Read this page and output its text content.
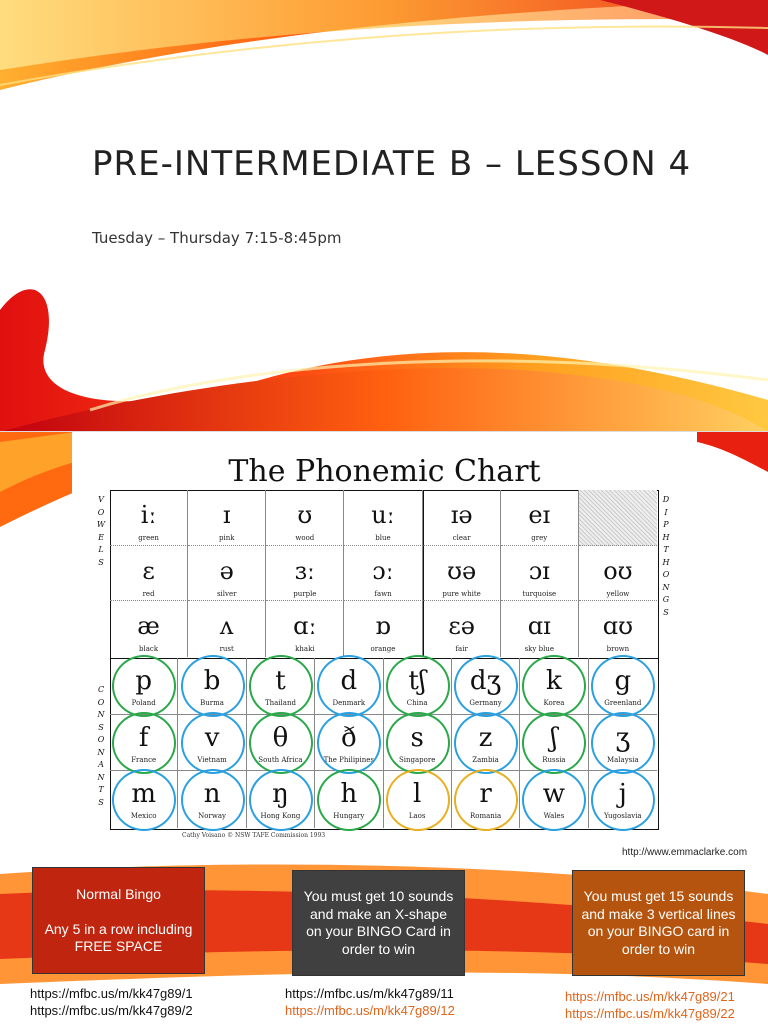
PRE-INTERMEDIATE B – LESSON 4
Tuesday – Thursday 7:15-8:45pm
The Phonemic Chart
iː
green
ɪ
pink
ʊ
wood
uː
blue
ɪə
clear
eɪ
grey
ɛ
red
ə
silver
ɜː
purple
ɔː
fawn
ʊə
pure white
ɔɪ
turquoise
oʊ
yellow
æ
black
ʌ
rust
ɑː
khaki
ɒ
orange
ɛə
fair
ɑɪ
sky blue
ɑʊ
brown
p
Poland
b
Burma
t
Thailand
d
Denmark
tʃ
China
dʒ
Germany
k
Korea
g
Greenland
f
France
v
Vietnam
θ
South Africa
ð
The Philipines
s
Singapore
z
Zambia
ʃ
Russia
ʒ
Malaysia
m
Mexico
n
Norway
ŋ
Hong Kong
h
Hungary
l
Laos
r
Romania
w
Wales
j
Yugoslavia
V
O
W
E
L
S
C
O
N
S
O
N
A
N
T
S
D
I
P
H
T
H
O
N
G
S
Cathy Voisano © NSW TAFE Commission 1993
http://www.emmaclarke.com
Normal Bingo

Any 5 in a row including FREE SPACE
You must get 10 sounds and make an X-shape on your BINGO Card in order to win
You must get 15 sounds and make 3 vertical lines on your BINGO card in order to win
https://mfbc.us/m/kk47g89/1
https://mfbc.us/m/kk47g89/2
https://mfbc.us/m/kk47g89/11
https://mfbc.us/m/kk47g89/12
https://mfbc.us/m/kk47g89/21
https://mfbc.us/m/kk47g89/22
